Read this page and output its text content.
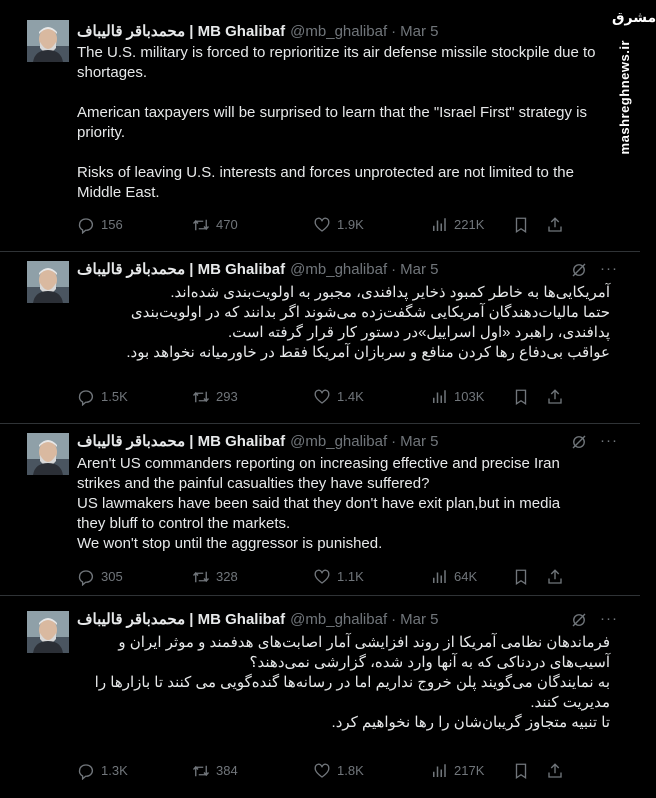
محمدباقر قالیباف | MB Ghalibaf @mb_ghalibaf · Mar 5

The U.S. military is forced to reprioritize its air defense missile stockpile due to shortages.

American taxpayers will be surprised to learn that the "Israel First" strategy is priority.

Risks of leaving U.S. interests and forces unprotected are not limited to the Middle East.

156	470	1.9K	221K
محمدباقر قالیباف | MB Ghalibaf @mb_ghalibaf · Mar 5	···

آمریکایی‌ها به خاطر کمبود ذخایر پدافندی، مجبور به اولویت‌بندی شده‌اند.

حتما مالیات‌دهندگان آمریکایی شگفت‌زده می‌شوند اگر بدانند که در اولویت‌بندی پدافندی، راهبرد «اول اسراییل»در دستور کار قرار گرفته است.

عواقب بی‌دفاع رها کردن منافع و سربازان آمریکا فقط در خاورمیانه نخواهد بود.

1.5K	293	1.4K	103K
محمدباقر قالیباف | MB Ghalibaf @mb_ghalibaf · Mar 5	···

Aren't US commanders reporting on increasing effective and precise Iran strikes and the painful casualties they have suffered?

US lawmakers have been said that they don't have exit plan,but in media they bluff to control the markets.

We won't stop until the aggressor is punished.

305	328	1.1K	64K
محمدباقر قالیباف | MB Ghalibaf @mb_ghalibaf · Mar 5	···

فرماندهان نظامی آمریکا از روند افزایشی آمار اصابت‌های هدفمند و موثر ایران و آسیب‌های دردناکی که به آنها وارد شده، گزارشی نمی‌دهند؟

به نمایندگان می‌گویند پلن خروج نداریم اما در رسانه‌ها گنده‌گویی می کنند تا بازارها را مدیریت کنند.

تا تنبیه متجاوز گریبان‌شان را رها نخواهیم کرد.

1.3K	384	1.8K	217K
مشرق
mashreghnews.ir
